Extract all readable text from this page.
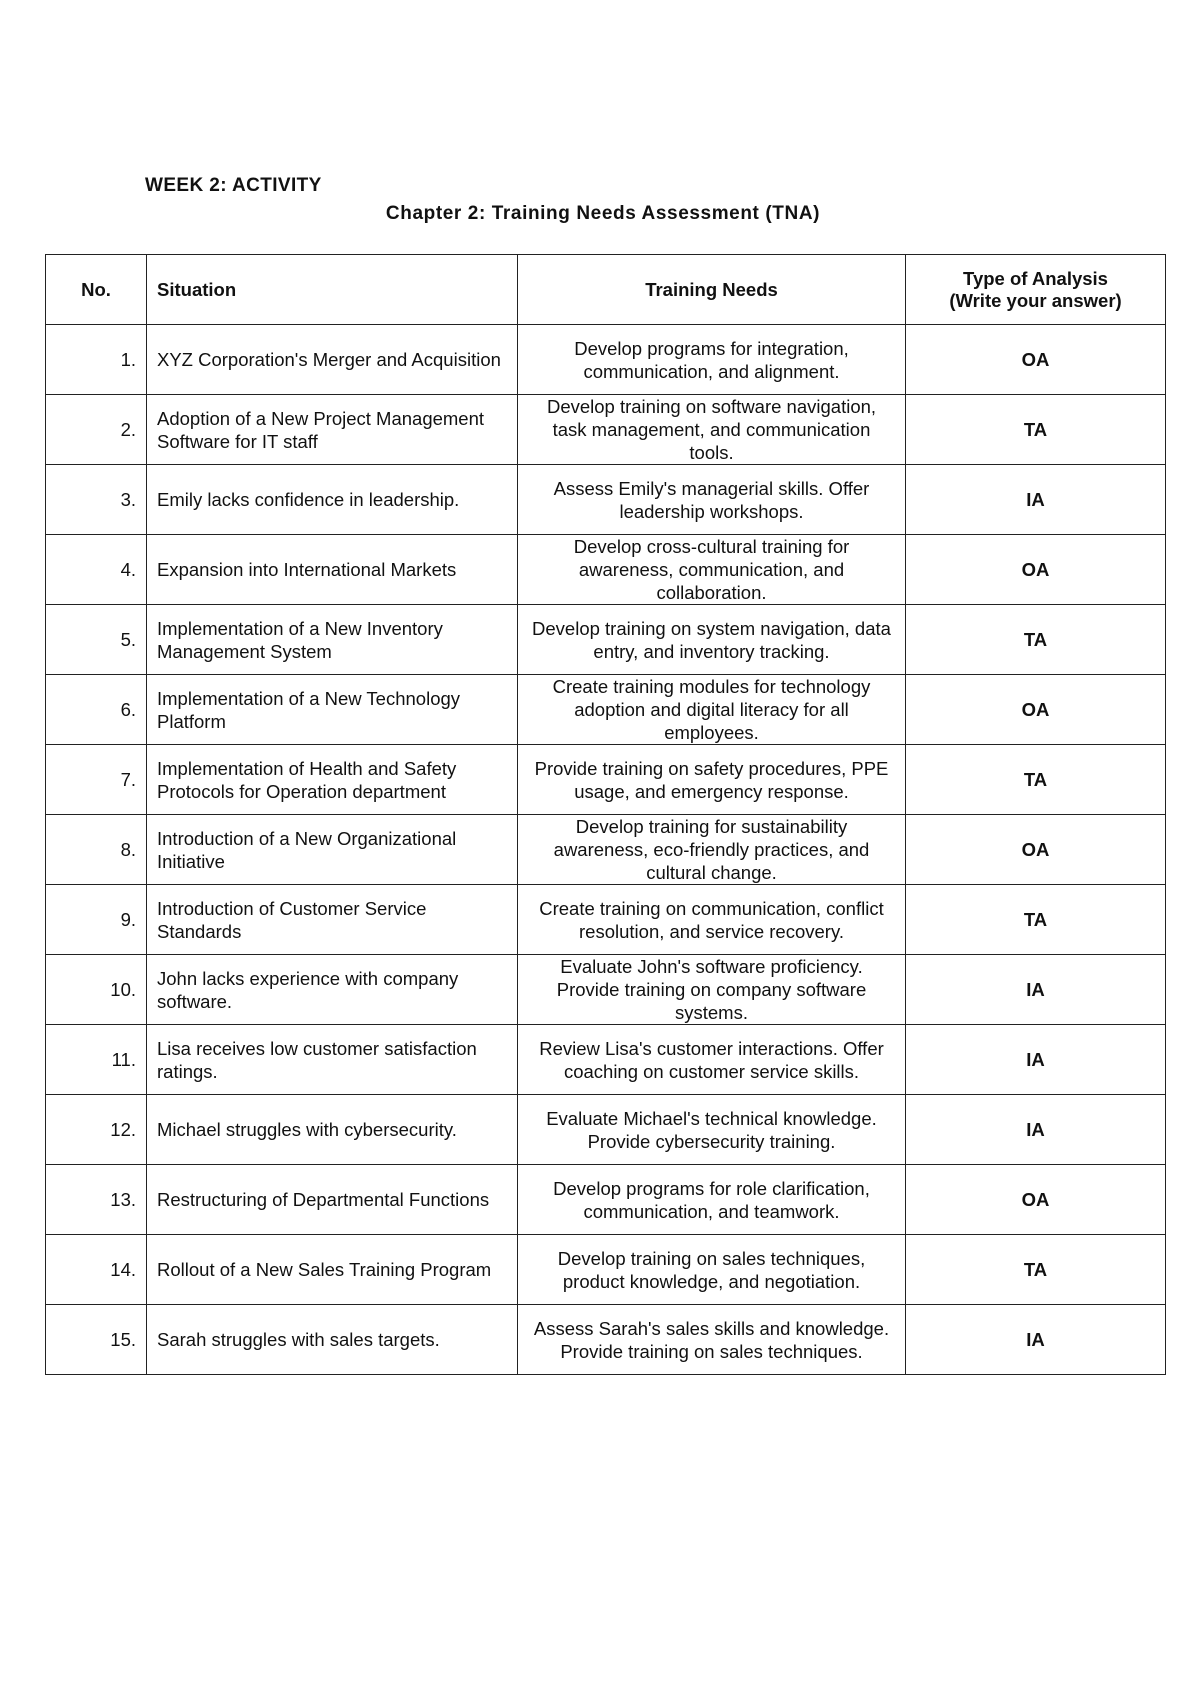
WEEK 2: ACTIVITY
Chapter 2: Training Needs Assessment (TNA)
No.	Situation	Training Needs	Type of Analysis
(Write your answer)

1.	XYZ Corporation's Merger and Acquisition	Develop programs for integration, communication, and alignment.	OA
2.	Adoption of a New Project Management Software for IT staff	Develop training on software navigation, task management, and communication tools.	TA
3.	Emily lacks confidence in leadership.	Assess Emily's managerial skills. Offer leadership workshops.	IA
4.	Expansion into International Markets	Develop cross-cultural training for awareness, communication, and collaboration.	OA
5.	Implementation of a New Inventory Management System	Develop training on system navigation, data entry, and inventory tracking.	TA
6.	Implementation of a New Technology Platform	Create training modules for technology adoption and digital literacy for all employees.	OA
7.	Implementation of Health and Safety Protocols for Operation department	Provide training on safety procedures, PPE usage, and emergency response.	TA
8.	Introduction of a New Organizational Initiative	Develop training for sustainability awareness, eco-friendly practices, and cultural change.	OA
9.	Introduction of Customer Service Standards	Create training on communication, conflict resolution, and service recovery.	TA
10.	John lacks experience with company software.	Evaluate John's software proficiency. Provide training on company software systems.	IA
11.	Lisa receives low customer satisfaction ratings.	Review Lisa's customer interactions. Offer coaching on customer service skills.	IA
12.	Michael struggles with cybersecurity.	Evaluate Michael's technical knowledge. Provide cybersecurity training.	IA
13.	Restructuring of Departmental Functions	Develop programs for role clarification, communication, and teamwork.	OA
14.	Rollout of a New Sales Training Program	Develop training on sales techniques, product knowledge, and negotiation.	TA
15.	Sarah struggles with sales targets.	Assess Sarah's sales skills and knowledge. Provide training on sales techniques.	IA
